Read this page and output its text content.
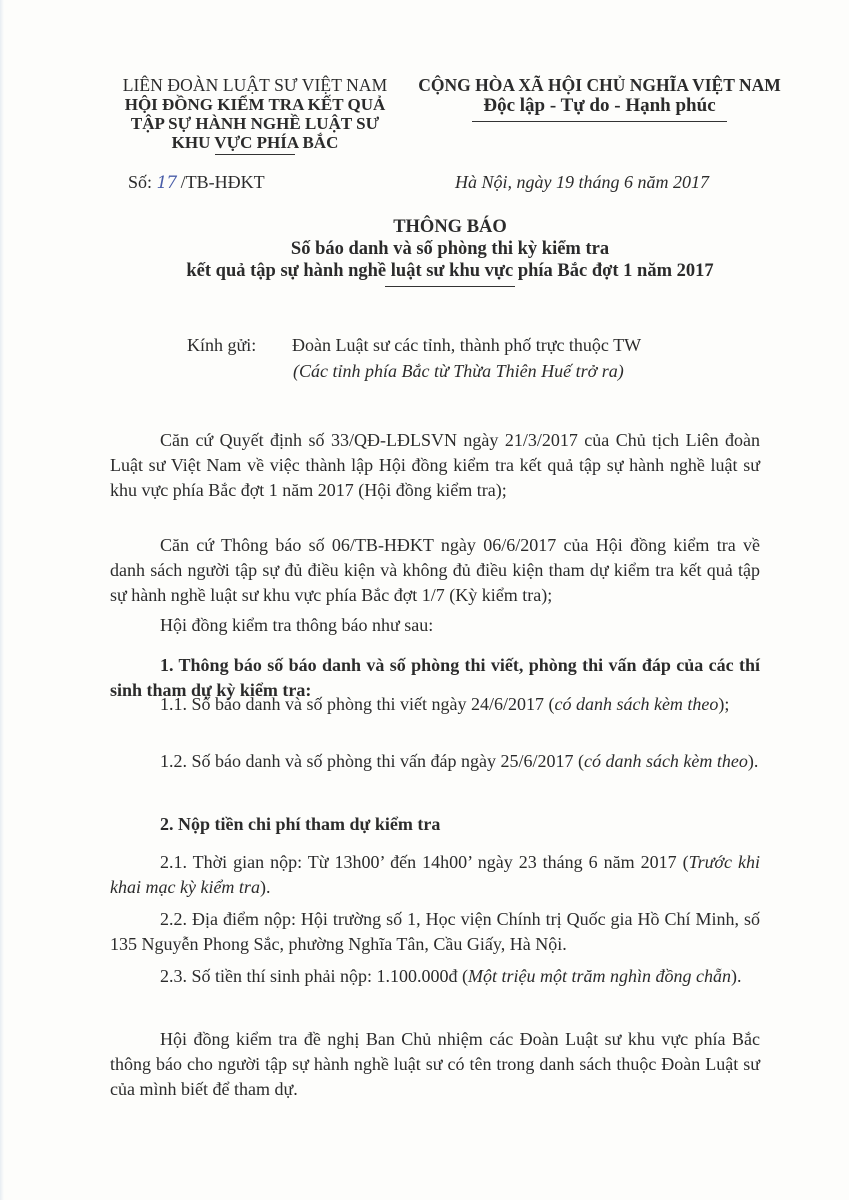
LIÊN ĐOÀN LUẬT SƯ VIỆT NAM
HỘI ĐỒNG KIỂM TRA KẾT QUẢ
TẬP SỰ HÀNH NGHỀ LUẬT SƯ
KHU VỰC PHÍA BẮC
Số: 17 /TB-HĐKT
CỘNG HÒA XÃ HỘI CHỦ NGHĨA VIỆT NAM
Độc lập - Tự do - Hạnh phúc
Hà Nội, ngày 19 tháng 6 năm 2017
THÔNG BÁO
Số báo danh và số phòng thi kỳ kiểm tra
kết quả tập sự hành nghề luật sư khu vực phía Bắc đợt 1 năm 2017
Kính gửi: Đoàn Luật sư các tỉnh, thành phố trực thuộc TW
(Các tỉnh phía Bắc từ Thừa Thiên Huế trở ra)

Căn cứ Quyết định số 33/QĐ-LĐLSVN ngày 21/3/2017 của Chủ tịch Liên đoàn Luật sư Việt Nam về việc thành lập Hội đồng kiểm tra kết quả tập sự hành nghề luật sư khu vực phía Bắc đợt 1 năm 2017 (Hội đồng kiểm tra);

Căn cứ Thông báo số 06/TB-HĐKT ngày 06/6/2017 của Hội đồng kiểm tra về danh sách người tập sự đủ điều kiện và không đủ điều kiện tham dự kiểm tra kết quả tập sự hành nghề luật sư khu vực phía Bắc đợt 1/7 (Kỳ kiểm tra);

Hội đồng kiểm tra thông báo như sau:

1. Thông báo số báo danh và số phòng thi viết, phòng thi vấn đáp của các thí sinh tham dự kỳ kiểm tra:

1.1. Số báo danh và số phòng thi viết ngày 24/6/2017 (có danh sách kèm theo);

1.2. Số báo danh và số phòng thi vấn đáp ngày 25/6/2017 (có danh sách kèm theo).

2. Nộp tiền chi phí tham dự kiểm tra

2.1. Thời gian nộp: Từ 13h00’ đến 14h00’ ngày 23 tháng 6 năm 2017 (Trước khi khai mạc kỳ kiểm tra).

2.2. Địa điểm nộp: Hội trường số 1, Học viện Chính trị Quốc gia Hồ Chí Minh, số 135 Nguyễn Phong Sắc, phường Nghĩa Tân, Cầu Giấy, Hà Nội.

2.3. Số tiền thí sinh phải nộp: 1.100.000đ (Một triệu một trăm nghìn đồng chẵn).

Hội đồng kiểm tra đề nghị Ban Chủ nhiệm các Đoàn Luật sư khu vực phía Bắc thông báo cho người tập sự hành nghề luật sư có tên trong danh sách thuộc Đoàn Luật sư của mình biết để tham dự.
